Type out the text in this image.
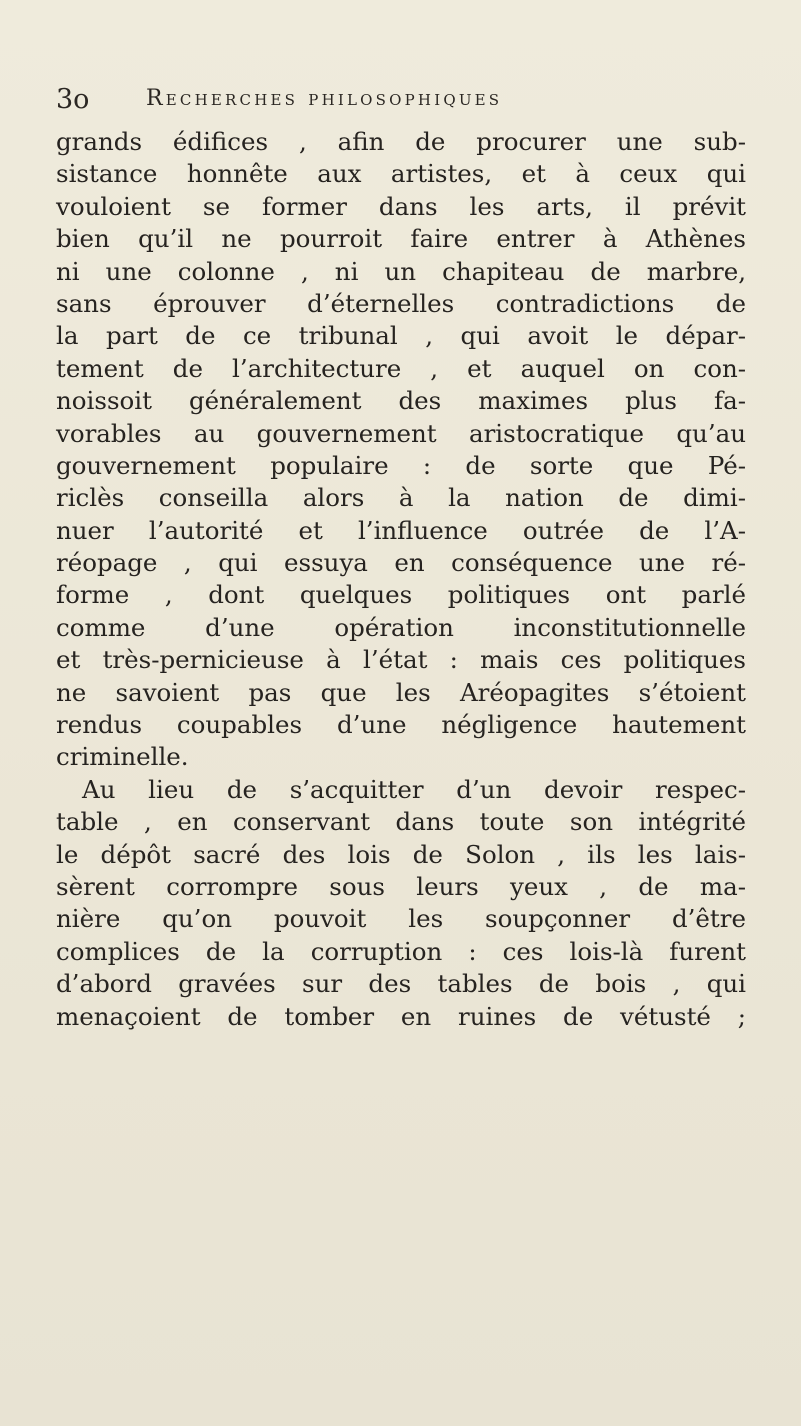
3o	Recherches philosophiques
grands édifices , afin de procurer une sub-
sistance honnête aux artistes, et à ceux qui
vouloient se former dans les arts, il prévit
bien qu’il ne pourroit faire entrer à Athènes
ni une colonne , ni un chapiteau de marbre,
sans éprouver d’éternelles contradictions de
la part de ce tribunal , qui avoit le dépar-
tement de l’architecture , et auquel on con-
noissoit généralement des maximes plus fa-
vorables au gouvernement aristocratique qu’au
gouvernement populaire : de sorte que Pé-
riclès conseilla alors à la nation de dimi-
nuer l’autorité et l’influence outrée de l’A-
réopage , qui essuya en conséquence une ré-
forme , dont quelques politiques ont parlé
comme d’une opération inconstitutionnelle
et très-pernicieuse à l’état : mais ces politiques
ne savoient pas que les Aréopagites s’étoient
rendus coupables d’une négligence hautement
criminelle.
Au lieu de s’acquitter d’un devoir respec-
table , en conservant dans toute son intégrité
le dépôt sacré des lois de Solon , ils les lais-
sèrent corrompre sous leurs yeux , de ma-
nière qu’on pouvoit les soupçonner d’être
complices de la corruption : ces lois-là furent
d’abord gravées sur des tables de bois , qui
menaçoient de tomber en ruines de vétusté ;
